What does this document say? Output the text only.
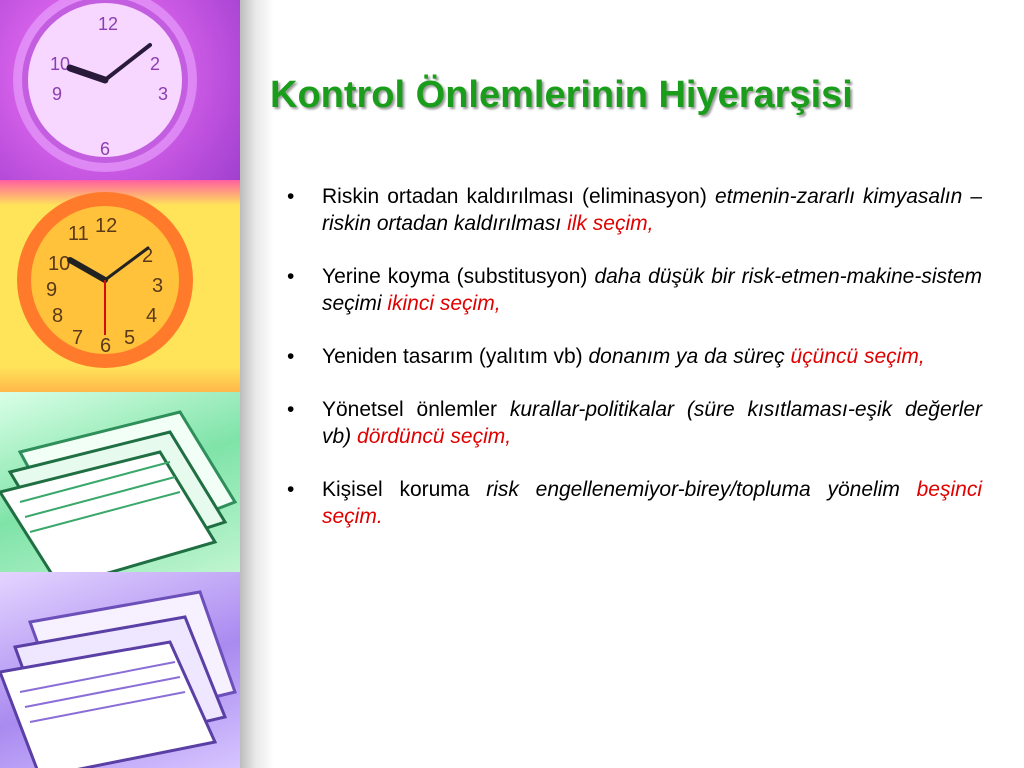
12
2
3
10
9
6
12
11
2
10
3
9
8	4
7 6 5
Kontrol Önlemlerinin Hiyerarşisi
• Riskin ortadan kaldırılması (eliminasyon) etmenin-zararlı kimyasalın –riskin ortadan kaldırılması ilk seçim,
• Yerine koyma (substitusyon) daha düşük bir risk-etmen-makine-sistem seçimi ikinci seçim,
• Yeniden tasarım (yalıtım vb) donanım ya da süreç üçüncü seçim,
• Yönetsel önlemler kurallar-politikalar (süre kısıtlaması-eşik değerler vb) dördüncü seçim,
• Kişisel koruma risk engellenemiyor-birey/topluma yönelim beşinci seçim.
